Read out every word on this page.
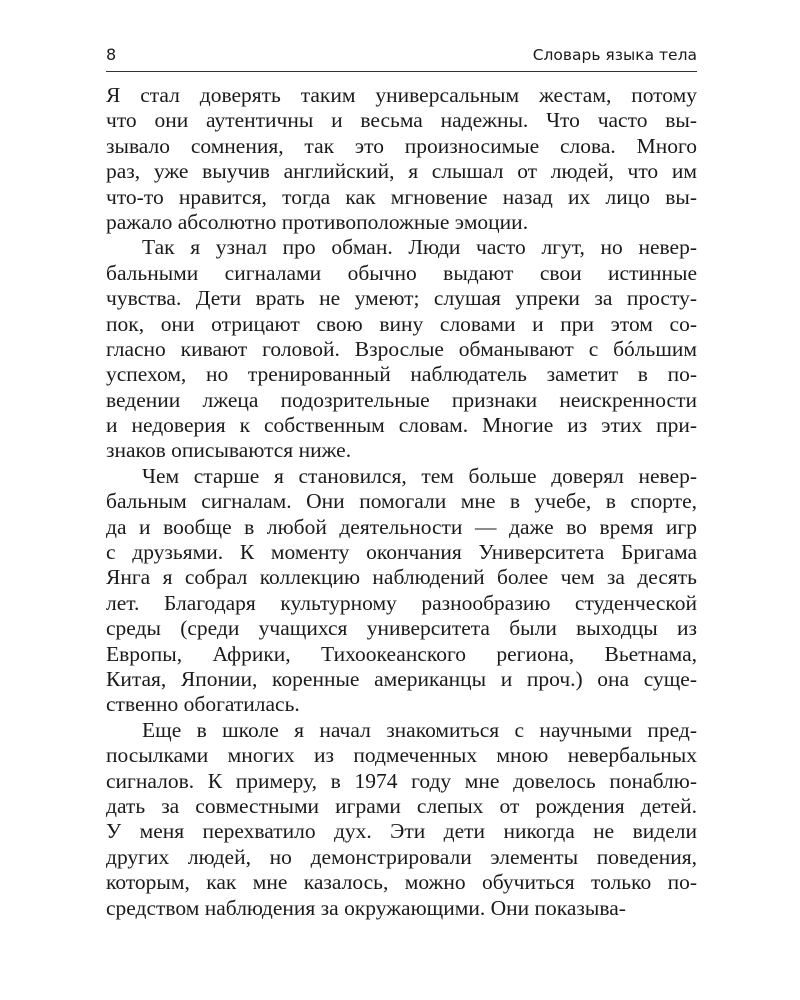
8	Словарь языка тела
Я стал доверять таким универсальным жестам, потому
что они аутентичны и весьма надежны. Что часто вы-
зывало сомнения, так это произносимые слова. Много
раз, уже выучив английский, я слышал от людей, что им
что-то нравится, тогда как мгновение назад их лицо вы-
ражало абсолютно противоположные эмоции.
Так я узнал про обман. Люди часто лгут, но невер-
бальными сигналами обычно выдают свои истинные
чувства. Дети врать не умеют; слушая упреки за просту-
пок, они отрицают свою вину словами и при этом со-
гласно кивают головой. Взрослые обманывают с бóльшим
успехом, но тренированный наблюдатель заметит в по-
ведении лжеца подозрительные признаки неискренности
и недоверия к собственным словам. Многие из этих при-
знаков описываются ниже.
Чем старше я становился, тем больше доверял невер-
бальным сигналам. Они помогали мне в учебе, в спорте,
да и вообще в любой деятельности — даже во время игр
с друзьями. К моменту окончания Университета Бригама
Янга я собрал коллекцию наблюдений более чем за десять
лет. Благодаря культурному разнообразию студенческой
среды (среди учащихся университета были выходцы из
Европы, Африки, Тихоокеанского региона, Вьетнама,
Китая, Японии, коренные американцы и проч.) она суще-
ственно обогатилась.
Еще в школе я начал знакомиться с научными пред-
посылками многих из подмеченных мною невербальных
сигналов. К примеру, в 1974 году мне довелось понаблю-
дать за совместными играми слепых от рождения детей.
У меня перехватило дух. Эти дети никогда не видели
других людей, но демонстрировали элементы поведения,
которым, как мне казалось, можно обучиться только по-
средством наблюдения за окружающими. Они показыва-
